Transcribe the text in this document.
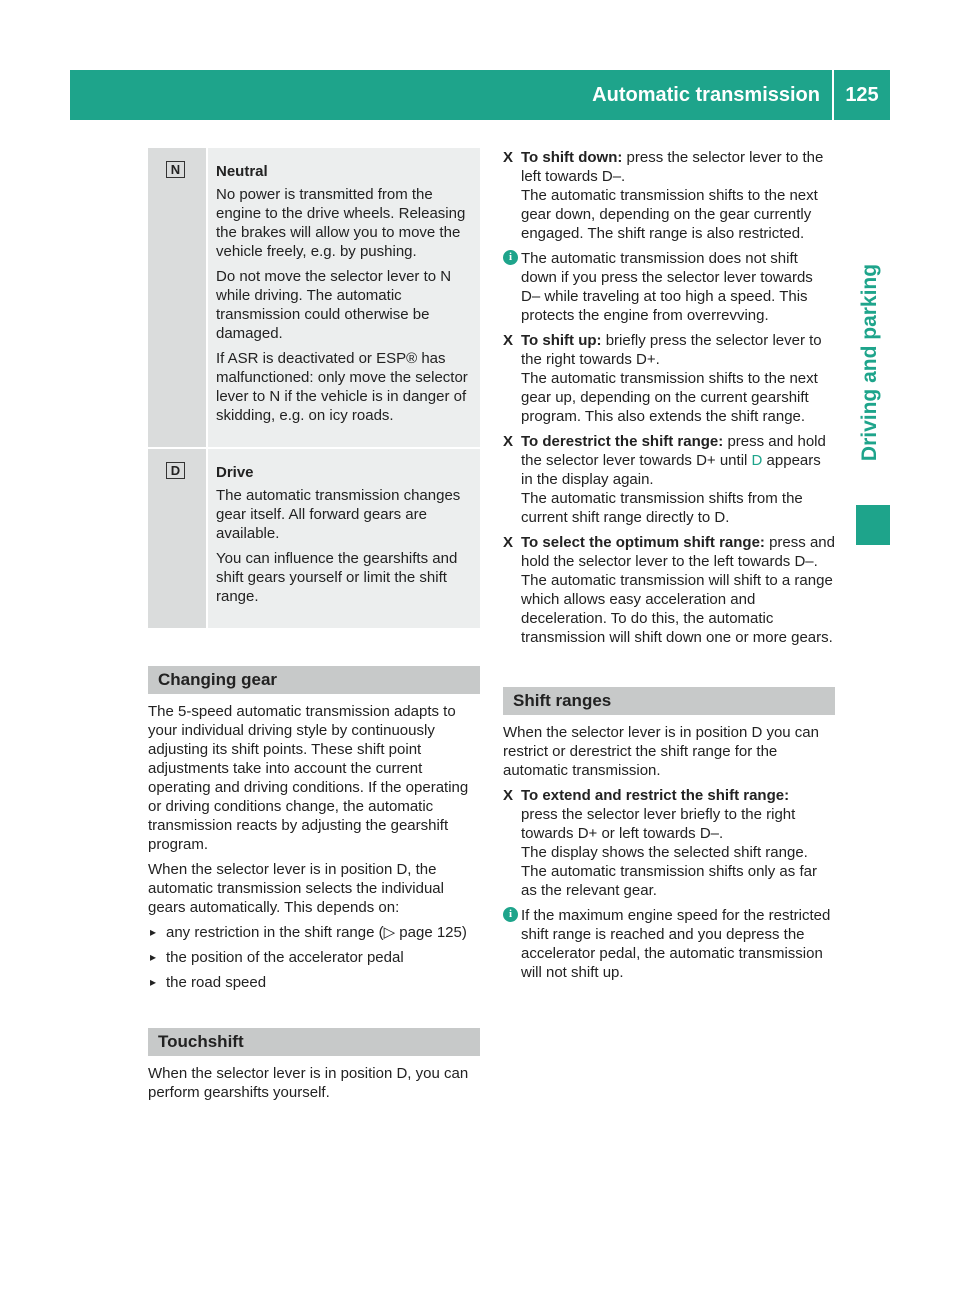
Automatic transmission	125
Driving and parking
N	Neutral

No power is transmitted from the engine to the drive wheels. Releasing the brakes will allow you to move the vehicle freely, e.g. by pushing.

Do not move the selector lever to N while driving. The automatic transmission could otherwise be damaged.

If ASR is deactivated or ESP® has malfunctioned: only move the selector lever to N if the vehicle is in danger of skidding, e.g. on icy roads.

D	Drive

The automatic transmission changes gear itself. All forward gears are available.

You can influence the gearshifts and shift gears yourself or limit the shift range.

Changing gear

The 5-speed automatic transmission adapts to your individual driving style by continuously adjusting its shift points. These shift point adjustments take into account the current operating and driving conditions. If the operating or driving conditions change, the automatic transmission reacts by adjusting the gearshift program.

When the selector lever is in position D, the automatic transmission selects the individual gears automatically. This depends on:

▸ any restriction in the shift range (▷ page 125)
▸ the position of the accelerator pedal
▸ the road speed
Touchshift

When the selector lever is in position D, you can perform gearshifts yourself.

X To shift down: press the selector lever to the left towards D–.
The automatic transmission shifts to the next gear down, depending on the gear currently engaged. The shift range is also restricted.
i The automatic transmission does not shift down if you press the selector lever towards D– while traveling at too high a speed. This protects the engine from overrevving.
X To shift up: briefly press the selector lever to the right towards D+.
The automatic transmission shifts to the next gear up, depending on the current gearshift program. This also extends the shift range.
X To derestrict the shift range: press and hold the selector lever towards D+ until D appears in the display again.
The automatic transmission shifts from the current shift range directly to D.
X To select the optimum shift range: press and hold the selector lever to the left towards D–.
The automatic transmission will shift to a range which allows easy acceleration and deceleration. To do this, the automatic transmission will shift down one or more gears.
Shift ranges

When the selector lever is in position D you can restrict or derestrict the shift range for the automatic transmission.

X To extend and restrict the shift range:
press the selector lever briefly to the right towards D+ or left towards D–.
The display shows the selected shift range. The automatic transmission shifts only as far as the relevant gear.
i If the maximum engine speed for the restricted shift range is reached and you depress the accelerator pedal, the automatic transmission will not shift up.
